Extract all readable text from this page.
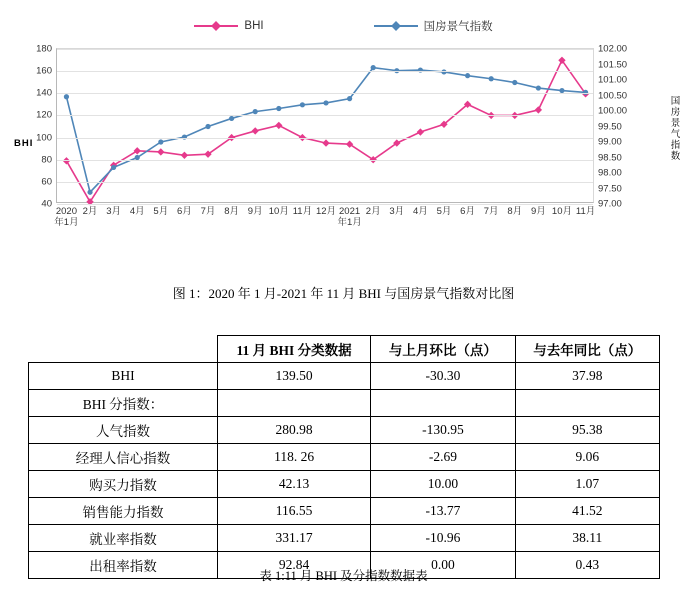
BHI	国房景气指数
BHI
国房景气指数
40
60
80
100
120
140
160
180
97.00
97.50
98.00
98.50
99.00
99.50
100.00
100.50
101.00
101.50
102.00
2020年1月
2月 3月 4月 5月 6月 7月 8月 9月 10月 11月 12月 2021年1月
2月 3月 4月 5月 6月 7月 8月 9月 10月 11月
图 1：2020 年 1 月-2021 年 11 月 BHI 与国房景气指数对比图
	11 月 BHI 分类数据	与上月环比（点）	与去年同比（点）
BHI	139.50	-30.30	37.98
BHI 分指数：			
人气指数	280.98	-130.95	95.38
经理人信心指数	118. 26	-2.69	9.06
购买力指数	42.13	10.00	1.07
销售能力指数	116.55	-13.77	41.52
就业率指数	331.17	-10.96	38.11
出租率指数	92.84	0.00	0.43
表 1:11 月 BHI 及分指数数据表
